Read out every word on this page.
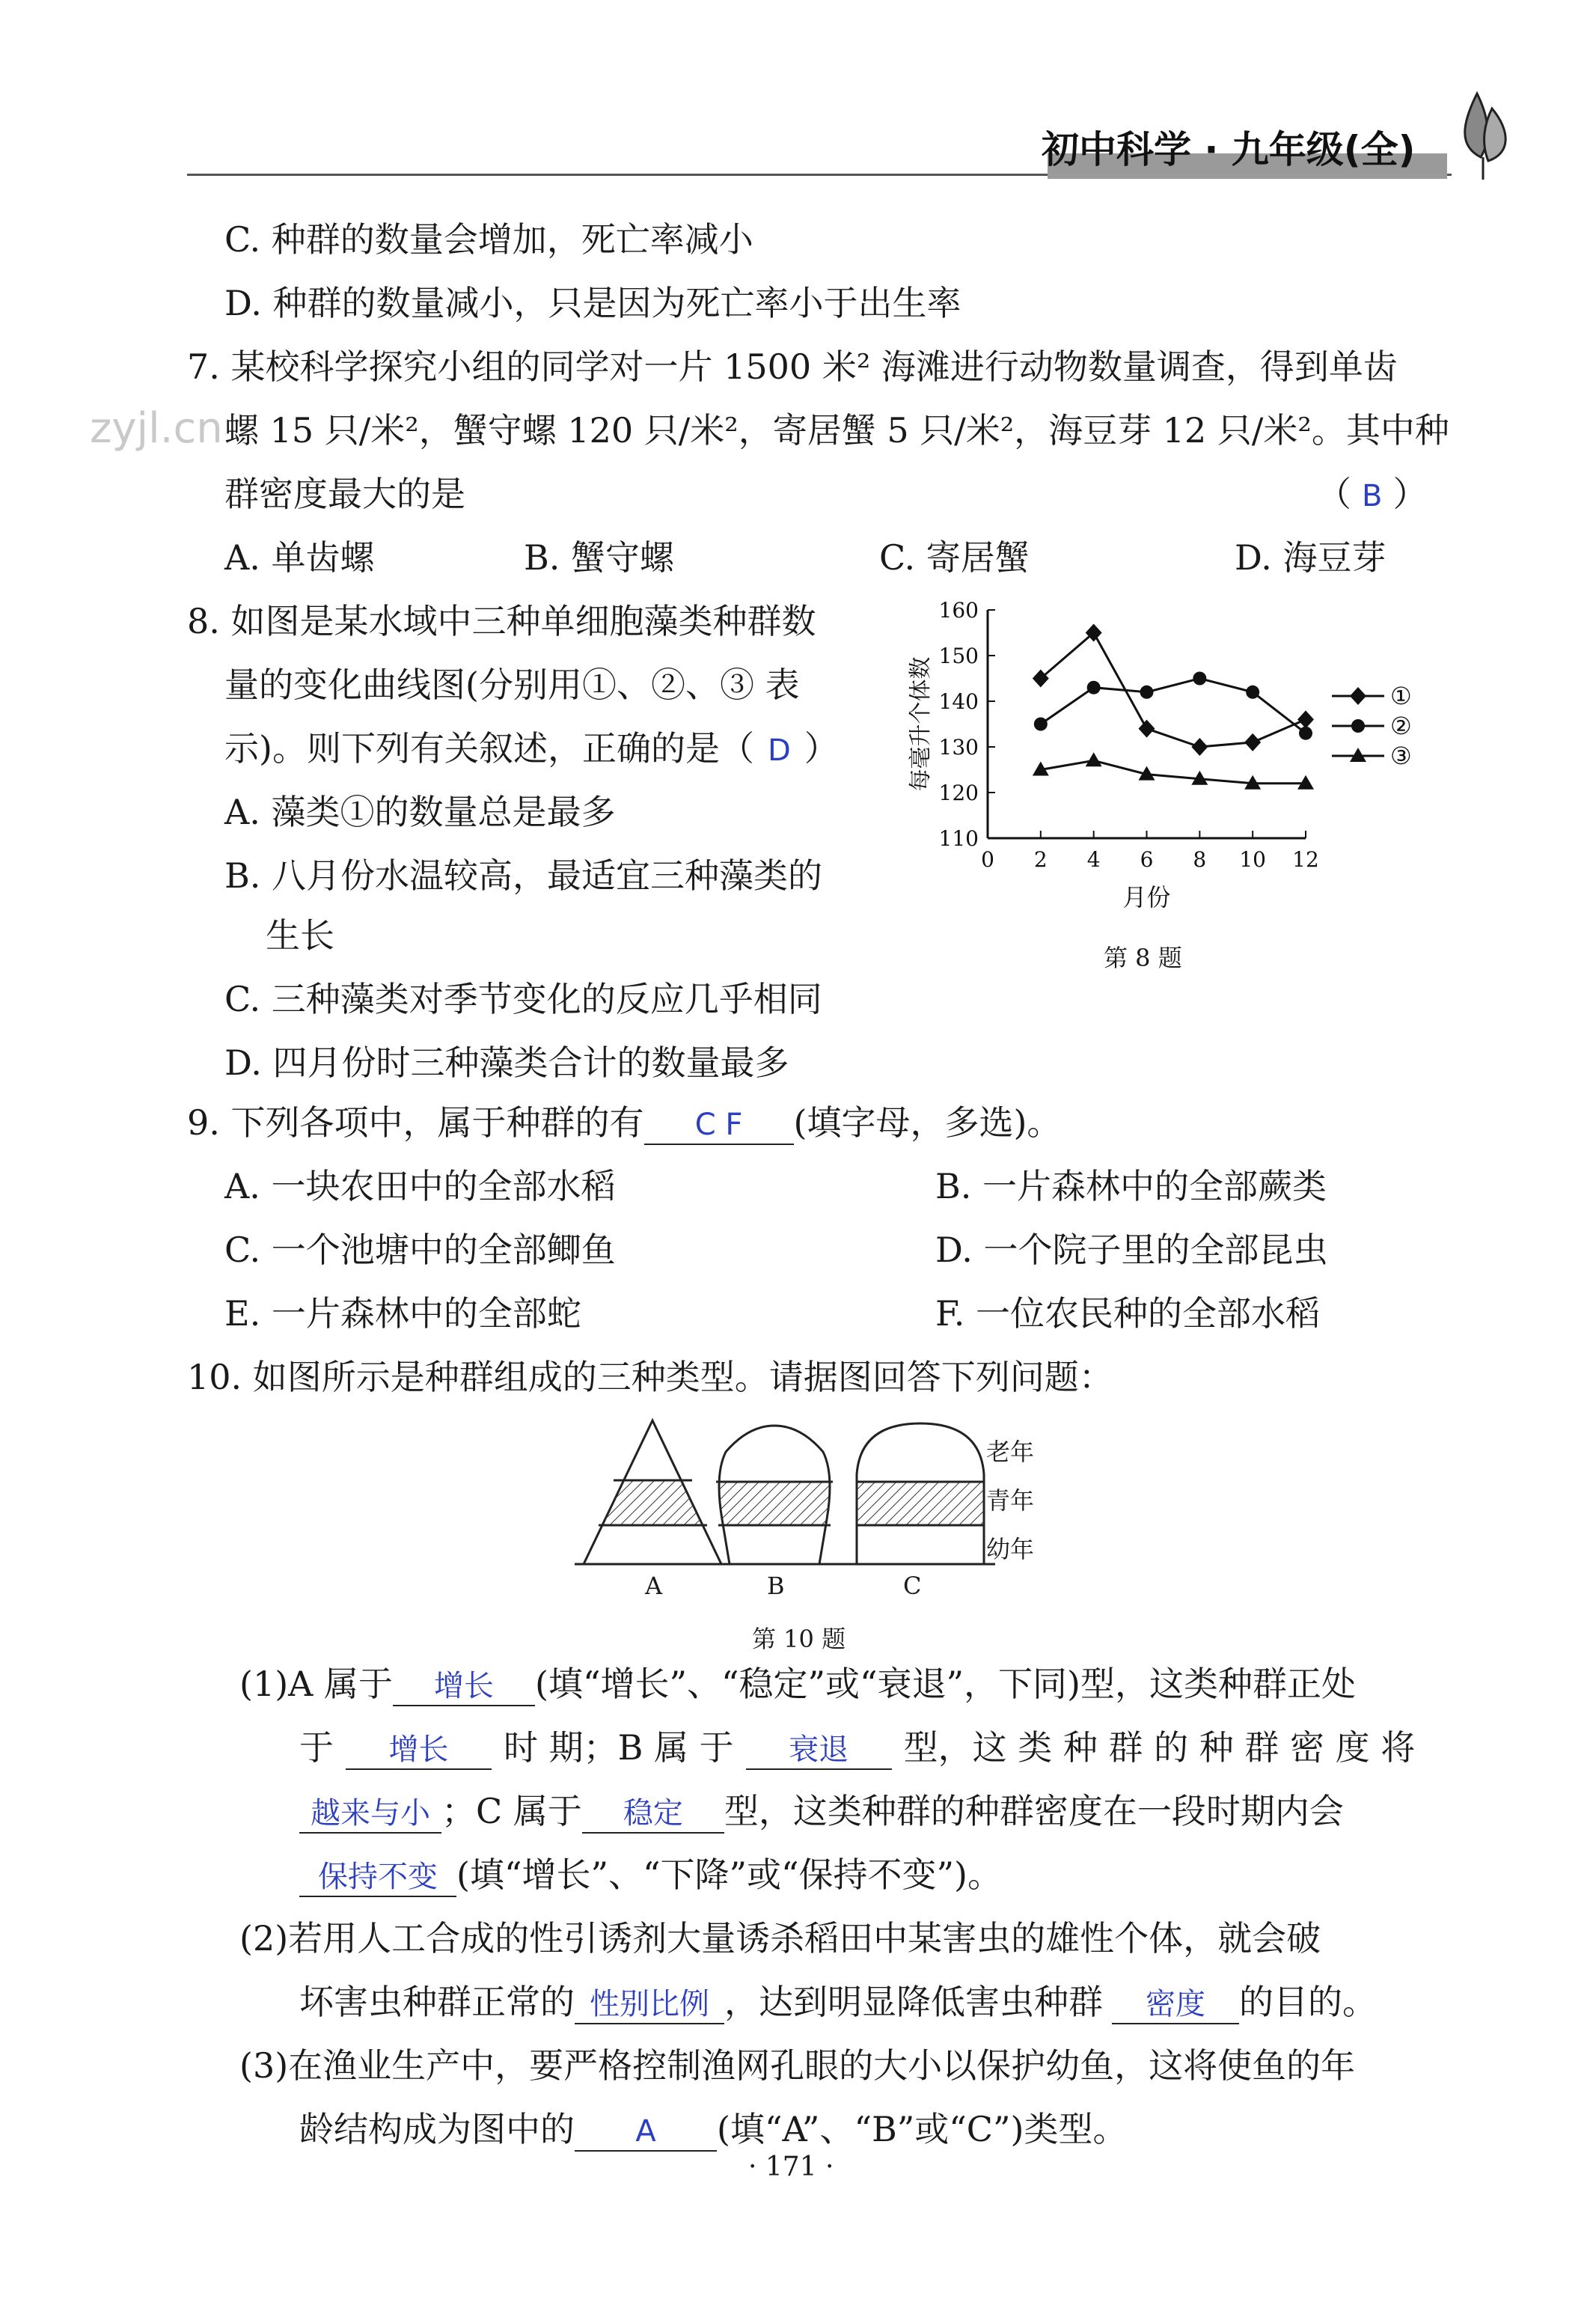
初中科学 · 九年级(全)
zyjl.cn
C. 种群的数量会增加，死亡率减小
D. 种群的数量减小，只是因为死亡率小于出生率
7. 某校科学探究小组的同学对一片 1500 米² 海滩进行动物数量调查，得到单齿
螺 15 只/米²，蟹守螺 120 只/米²，寄居蟹 5 只/米²，海豆芽 12 只/米²。其中种
群密度最大的是	（ B ）
A. 单齿螺	B. 蟹守螺	C. 寄居蟹	D. 海豆芽
8. 如图是某水域中三种单细胞藻类种群数
量的变化曲线图(分别用①、②、③ 表
示)。则下列有关叙述，正确的是（ D ）
A. 藻类①的数量总是最多
B. 八月份水温较高，最适宜三种藻类的
生长
C. 三种藻类对季节变化的反应几乎相同
D. 四月份时三种藻类合计的数量最多
110
120
130
140
150
160
0 2 4 6 8 10 12
月份
每毫升个体数	①
②
③
第 8 题
9. 下列各项中，属于种群的有 C F (填字母，多选)。
A. 一块农田中的全部水稻	B. 一片森林中的全部蕨类
C. 一个池塘中的全部鲫鱼	D. 一个院子里的全部昆虫
E. 一片森林中的全部蛇	F. 一位农民种的全部水稻
10. 如图所示是种群组成的三种类型。请据图回答下列问题：
A	B	C
老年
青年
幼年
第 10 题
(1)A 属于 增长 (填“增长”、“稳定”或“衰退”，下同)型，这类种群正处
于 增长 时 期；B 属 于 衰退 型，这 类 种 群 的 种 群 密 度 将
越来与小 ；C 属于 稳定 型，这类种群的种群密度在一段时期内会
保持不变 (填“增长”、“下降”或“保持不变”)。
(2)若用人工合成的性引诱剂大量诱杀稻田中某害虫的雄性个体，就会破
坏害虫种群正常的 性别比例 ，达到明显降低害虫种群 密度 的目的。
(3)在渔业生产中，要严格控制渔网孔眼的大小以保护幼鱼，这将使鱼的年
龄结构成为图中的 A (填“A”、“B”或“C”)类型。
· 171 ·
